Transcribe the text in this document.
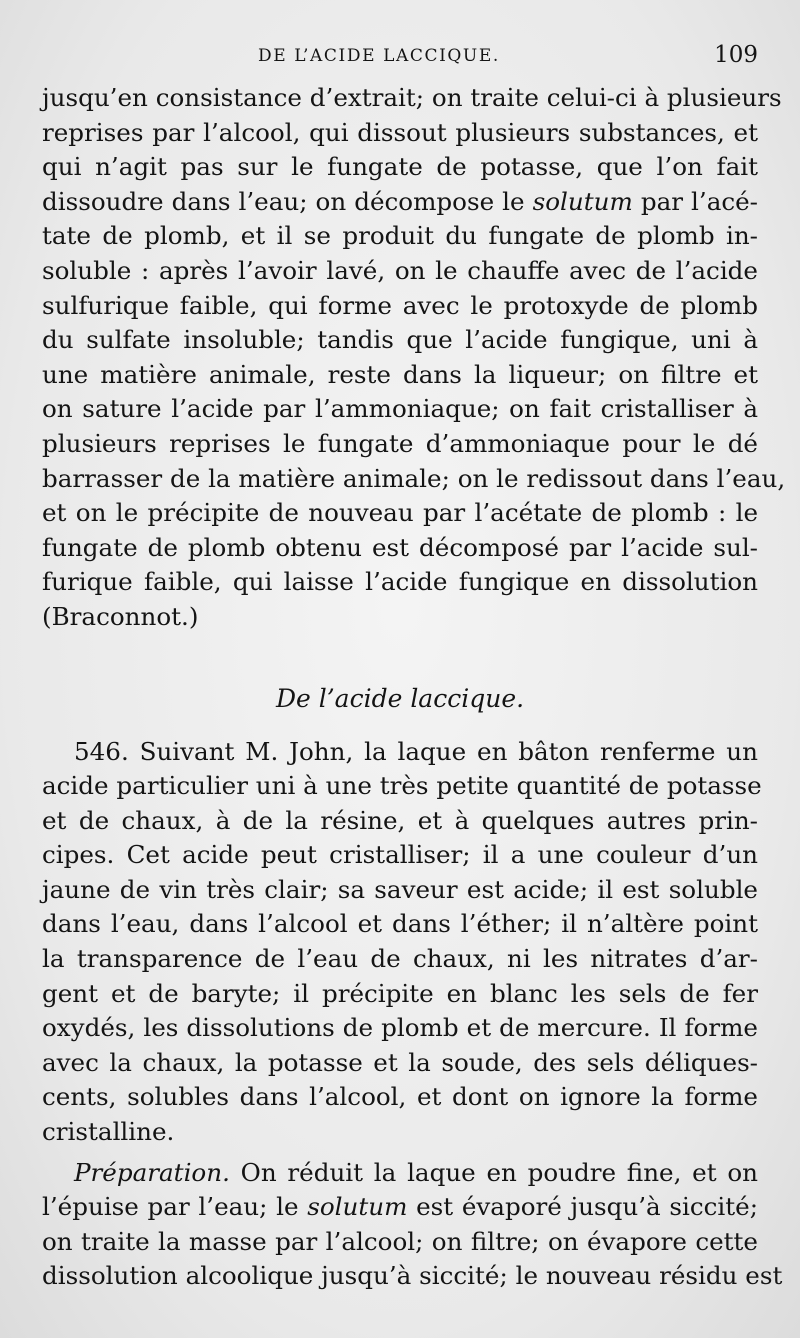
DE L’ACIDE LACCIQUE.	109
jusqu’en consistance d’extrait; on traite celui-ci à plusieurs
reprises par l’alcool, qui dissout plusieurs substances, et
qui n’agit pas sur le fungate de potasse, que l’on fait
dissoudre dans l’eau; on décompose le solutum par l’acé-
tate de plomb, et il se produit du fungate de plomb in-
soluble : après l’avoir lavé, on le chauffe avec de l’acide
sulfurique faible, qui forme avec le protoxyde de plomb
du sulfate insoluble; tandis que l’acide fungique, uni à
une matière animale, reste dans la liqueur; on filtre et
on sature l’acide par l’ammoniaque; on fait cristalliser à
plusieurs reprises le fungate d’ammoniaque pour le dé
barrasser de la matière animale; on le redissout dans l’eau,
et on le précipite de nouveau par l’acétate de plomb : le
fungate de plomb obtenu est décomposé par l’acide sul-
furique faible, qui laisse l’acide fungique en dissolution
(Braconnot.)
De l’acide laccique.
546. Suivant M. John, la laque en bâton renferme un
acide particulier uni à une très petite quantité de potasse
et de chaux, à de la résine, et à quelques autres prin-
cipes. Cet acide peut cristalliser; il a une couleur d’un
jaune de vin très clair; sa saveur est acide; il est soluble
dans l’eau, dans l’alcool et dans l’éther; il n’altère point
la transparence de l’eau de chaux, ni les nitrates d’ar-
gent et de baryte; il précipite en blanc les sels de fer
oxydés, les dissolutions de plomb et de mercure. Il forme
avec la chaux, la potasse et la soude, des sels déliques-
cents, solubles dans l’alcool, et dont on ignore la forme
cristalline.
Préparation. On réduit la laque en poudre fine, et on
l’épuise par l’eau; le solutum est évaporé jusqu’à siccité;
on traite la masse par l’alcool; on filtre; on évapore cette
dissolution alcoolique jusqu’à siccité; le nouveau résidu est
